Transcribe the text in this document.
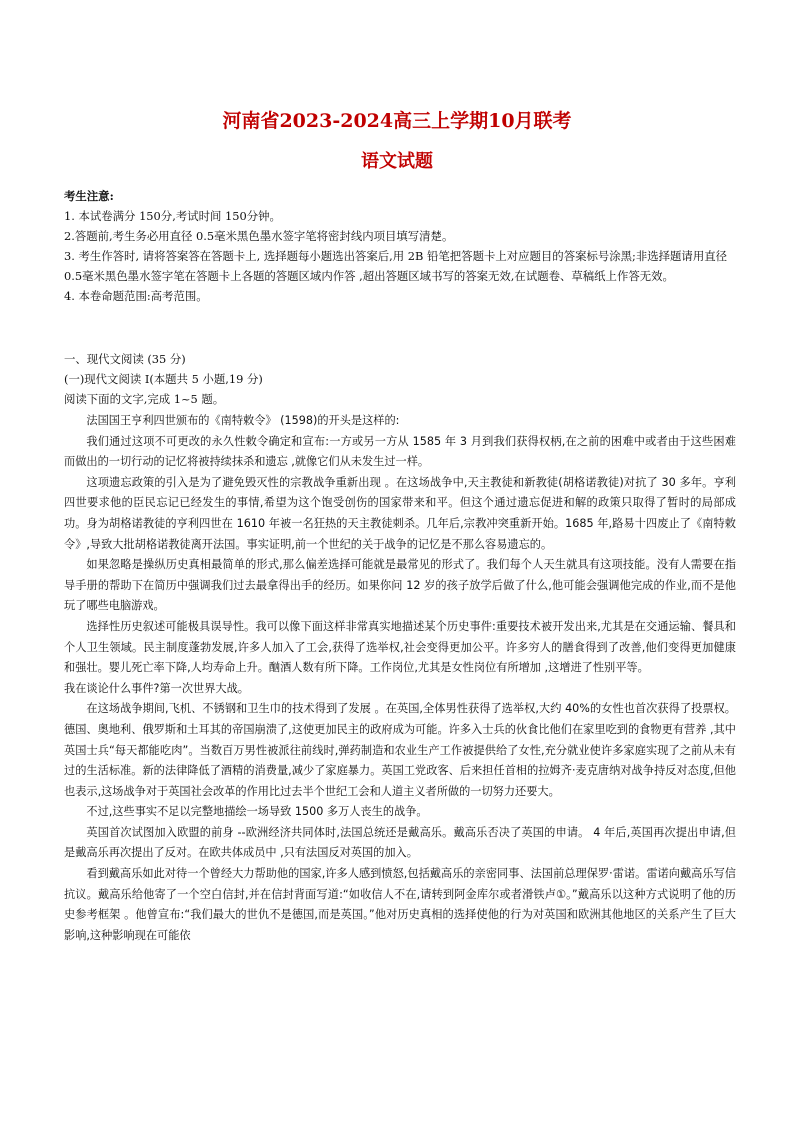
河南省2023-2024高三上学期10月联考
语文试题

考生注意:

1. 本试卷满分 150分,考试时间 150分钟。

2.答题前,考生务必用直径 0.5毫米黑色墨水签字笔将密封线内项目填写清楚。

3. 考生作答时, 请将答案答在答题卡上, 选择题每小题选出答案后,用 2B 铅笔把答题卡上对应题目的答案标号涂黑;非选择题请用直径 0.5毫米黑色墨水签字笔在答题卡上各题的答题区域内作答 ,超出答题区域书写的答案无效,在试题卷、草稿纸上作答无效。

4. 本卷命题范围:高考范围。

一、现代文阅读 (35 分)
(一)现代文阅读 I(本题共 5 小题,19 分)
阅读下面的文字,完成 1~5 题。

法国国王亨利四世颁布的《南特敕令》 (1598)的开头是这样的:

我们通过这项不可更改的永久性敕令确定和宣布:一方或另一方从 1585 年 3 月到我们获得权柄,在之前的困难中或者由于这些困难而做出的一切行动的记忆将被持续抹杀和遗忘 ,就像它们从未发生过一样。

这项遗忘政策的引入是为了避免毁灭性的宗教战争重新出现 。在这场战争中,天主教徒和新教徒(胡格诺教徒)对抗了 30 多年。亨利四世要求他的臣民忘记已经发生的事情,希望为这个饱受创伤的国家带来和平。但这个通过遗忘促进和解的政策只取得了暂时的局部成功。身为胡格诺教徒的亨利四世在 1610 年被一名狂热的天主教徒刺杀。几年后,宗教冲突重新开始。1685 年,路易十四废止了《南特敕令》,导致大批胡格诺教徒离开法国。事实证明,前一个世纪的关于战争的记忆是不那么容易遗忘的。

如果忽略是操纵历史真相最简单的形式,那么偏差选择可能就是最常见的形式了。我们每个人天生就具有这项技能。没有人需要在指导手册的帮助下在简历中强调我们过去最拿得出手的经历。如果你问 12 岁的孩子放学后做了什么,他可能会强调他完成的作业,而不是他玩了哪些电脑游戏。

选择性历史叙述可能极具误导性。我可以像下面这样非常真实地描述某个历史事件:重要技术被开发出来,尤其是在交通运输、餐具和个人卫生领域。民主制度蓬勃发展,许多人加入了工会,获得了选举权,社会变得更加公平。许多穷人的膳食得到了改善,他们变得更加健康和强壮。婴儿死亡率下降,人均寿命上升。酗酒人数有所下降。工作岗位,尤其是女性岗位有所增加 ,这增进了性别平等。

我在谈论什么事件?第一次世界大战。

在这场战争期间,飞机、不锈钢和卫生巾的技术得到了发展 。在英国,全体男性获得了选举权,大约 40%的女性也首次获得了投票权。德国、奥地利、俄罗斯和土耳其的帝国崩溃了,这使更加民主的政府成为可能。许多入士兵的伙食比他们在家里吃到的食物更有营养 ,其中英国士兵“每天都能吃肉”。当数百万男性被派往前线时,弹药制造和农业生产工作被提供给了女性,充分就业使许多家庭实现了之前从未有过的生活标准。新的法律降低了酒精的消费量,减少了家庭暴力。英国工党政客、后来担任首相的拉姆齐·麦克唐纳对战争持反对态度,但他也表示,这场战争对于英国社会改革的作用比过去半个世纪工会和人道主义者所做的一切努力还要大。

不过,这些事实不足以完整地描绘一场导致 1500 多万人丧生的战争。

英国首次试图加入欧盟的前身 --欧洲经济共同体时,法国总统还是戴高乐。戴高乐否决了英国的申请。 4 年后,英国再次提出申请,但是戴高乐再次提出了反对。在欧共体成员中 ,只有法国反对英国的加入。

看到戴高乐如此对待一个曾经大力帮助他的国家,许多人感到愤怒,包括戴高乐的亲密同事、法国前总理保罗·雷诺。雷诺向戴高乐写信抗议。戴高乐给他寄了一个空白信封,并在信封背面写道:“如收信人不在,请转到阿金库尔或者滑铁卢①。”戴高乐以这种方式说明了他的历史参考框架 。他曾宣布:“我们最大的世仇不是德国,而是英国。”他对历史真相的选择使他的行为对英国和欧洲其他地区的关系产生了巨大影响,这种影响现在可能依
